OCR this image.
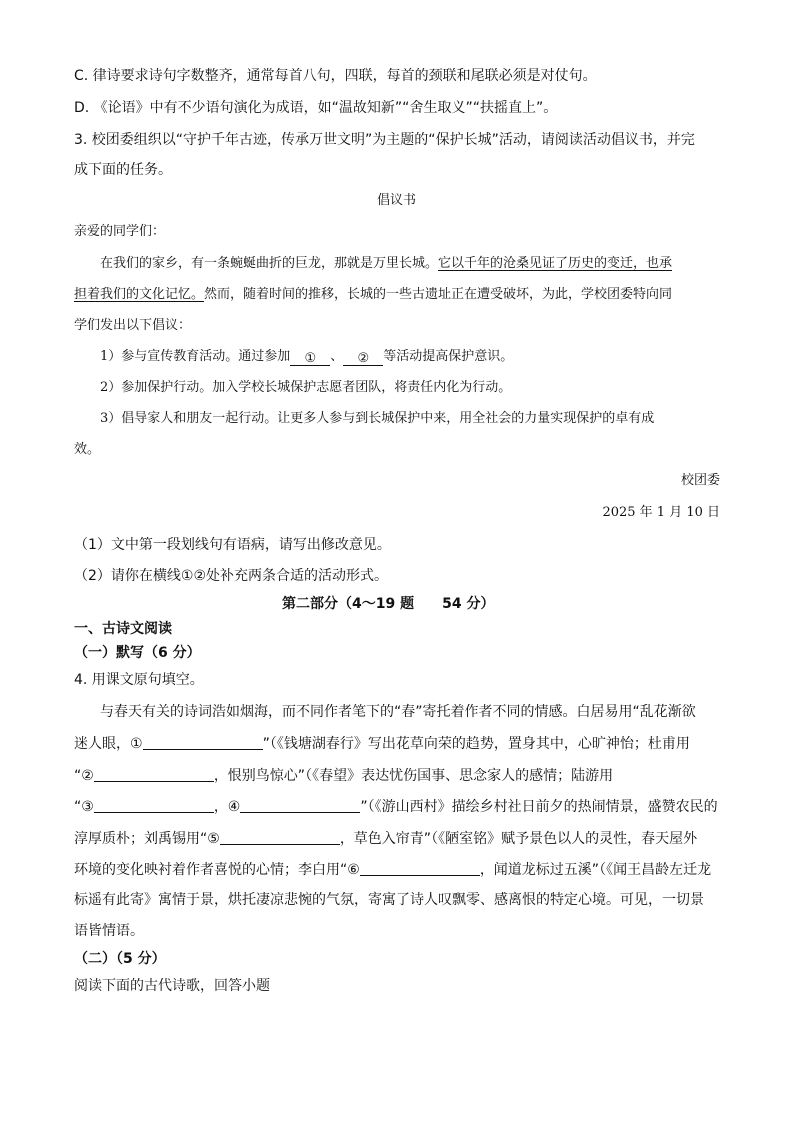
C. 律诗要求诗句字数整齐，通常每首八句，四联，每首的颈联和尾联必须是对仗句。
D. 《论语》中有不少语句演化为成语，如“温故知新”“舍生取义”“扶摇直上”。
3. 校团委组织以“守护千年古迹，传承万世文明”为主题的“保护长城”活动，请阅读活动倡议书，并完
成下面的任务。
倡议书
亲爱的同学们：
在我们的家乡，有一条蜿蜒曲折的巨龙，那就是万里长城。它以千年的沧桑见证了历史的变迁，也承
担着我们的文化记忆。然而，随着时间的推移，长城的一些古遗址正在遭受破坏，为此，学校团委特向同
学们发出以下倡议：
1）参与宣传教育活动。通过参加 ① 、 ② 等活动提高保护意识。
2）参加保护行动。加入学校长城保护志愿者团队，将责任内化为行动。
3）倡导家人和朋友一起行动。让更多人参与到长城保护中来，用全社会的力量实现保护的卓有成
效。
校团委
2025 年 1 月 10 日
（1）文中第一段划线句有语病，请写出修改意见。
（2）请你在横线①②处补充两条合适的活动形式。
第二部分（4～19 题　　54 分）
一、古诗文阅读
（一）默写（6 分）
4. 用课文原句填空。
与春天有关的诗词浩如烟海，而不同作者笔下的“春”寄托着作者不同的情感。白居易用“乱花渐欲
迷人眼，①	”（《钱塘湖春行》写出花草向荣的趋势，置身其中，心旷神怡；杜甫用
“②	，恨别鸟惊心”（《春望》表达忧伤国事、思念家人的感情；陆游用
“③	，④	”（《游山西村》描绘乡村社日前夕的热闹情景，盛赞农民的
淳厚质朴；刘禹锡用“⑤	，草色入帘青”（《陋室铭》赋予景色以人的灵性，春天屋外
环境的变化映衬着作者喜悦的心情；李白用“⑥	，闻道龙标过五溪”（《闻王昌龄左迁龙
标遥有此寄》寓情于景，烘托凄凉悲惋的气氛，寄寓了诗人叹飘零、感离恨的特定心境。可见，一切景
语皆情语。
（二）（5 分）
阅读下面的古代诗歌，回答小题
